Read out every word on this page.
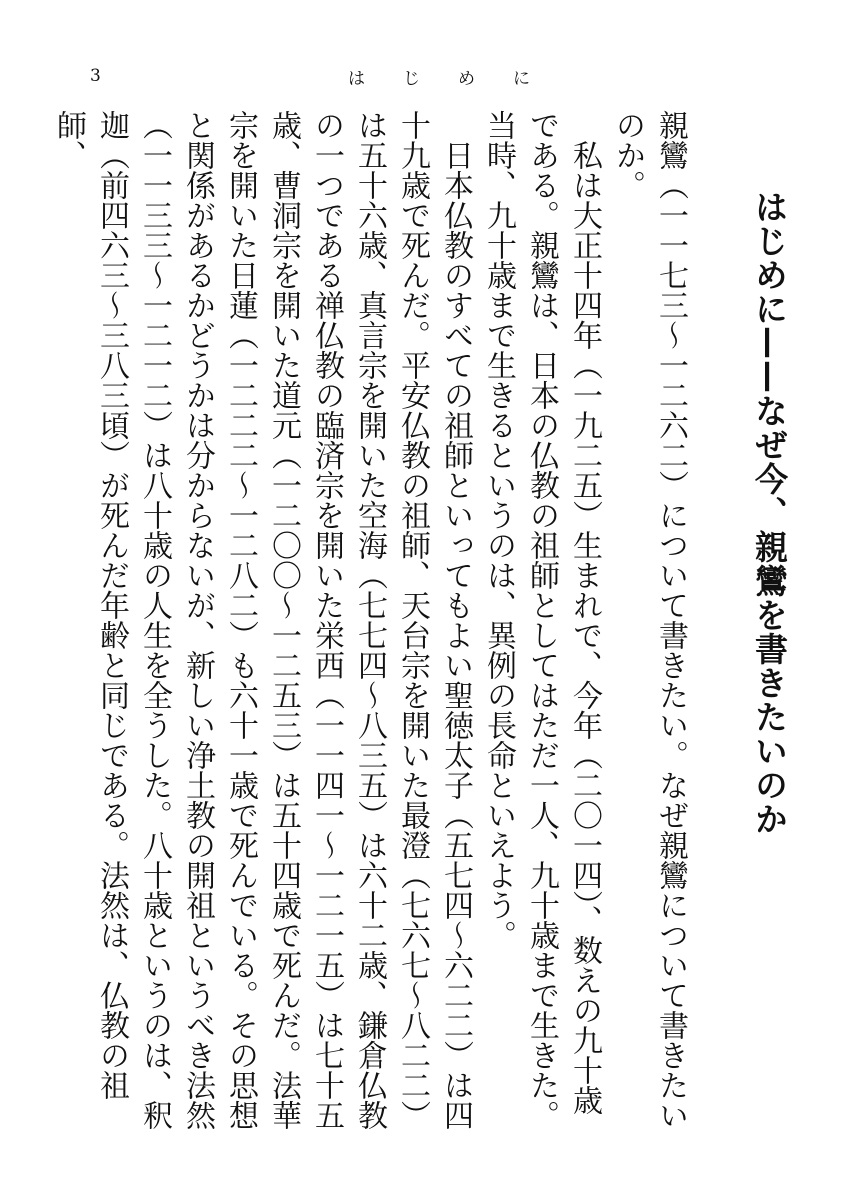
3	はじめに
はじめに——なぜ今、親鸞を書きたいのか

親鸞（一一七三～一二六二）について書きたい。なぜ親鸞について書きたいのか。

私は大正十四年（一九二五）生まれで、今年（二〇一四）、数えの九十歳である。親鸞は、日本の仏教の祖師としてはただ一人、九十歳まで生きた。当時、九十歳まで生きるというのは、異例の長命といえよう。

日本仏教のすべての祖師といってもよい聖徳太子（五七四～六二二）は四十九歳で死んだ。平安仏教の祖師、天台宗を開いた最澄（七六七～八二二）は五十六歳、真言宗を開いた空海（七七四～八三五）は六十二歳、鎌倉仏教の一つである禅仏教の臨済宗を開いた栄西（一一四一～一二一五）は七十五歳、曹洞宗を開いた道元（一二〇〇～一二五三）は五十四歳で死んだ。法華宗を開いた日蓮（一二二二～一二八二）も六十一歳で死んでいる。その思想と関係があるかどうかは分からないが、新しい浄土教の開祖というべき法然（一一三三～一二一二）は八十歳の人生を全うした。八十歳というのは、釈迦（前四六三～三八三頃）が死んだ年齢と同じである。法然は、仏教の祖師、
